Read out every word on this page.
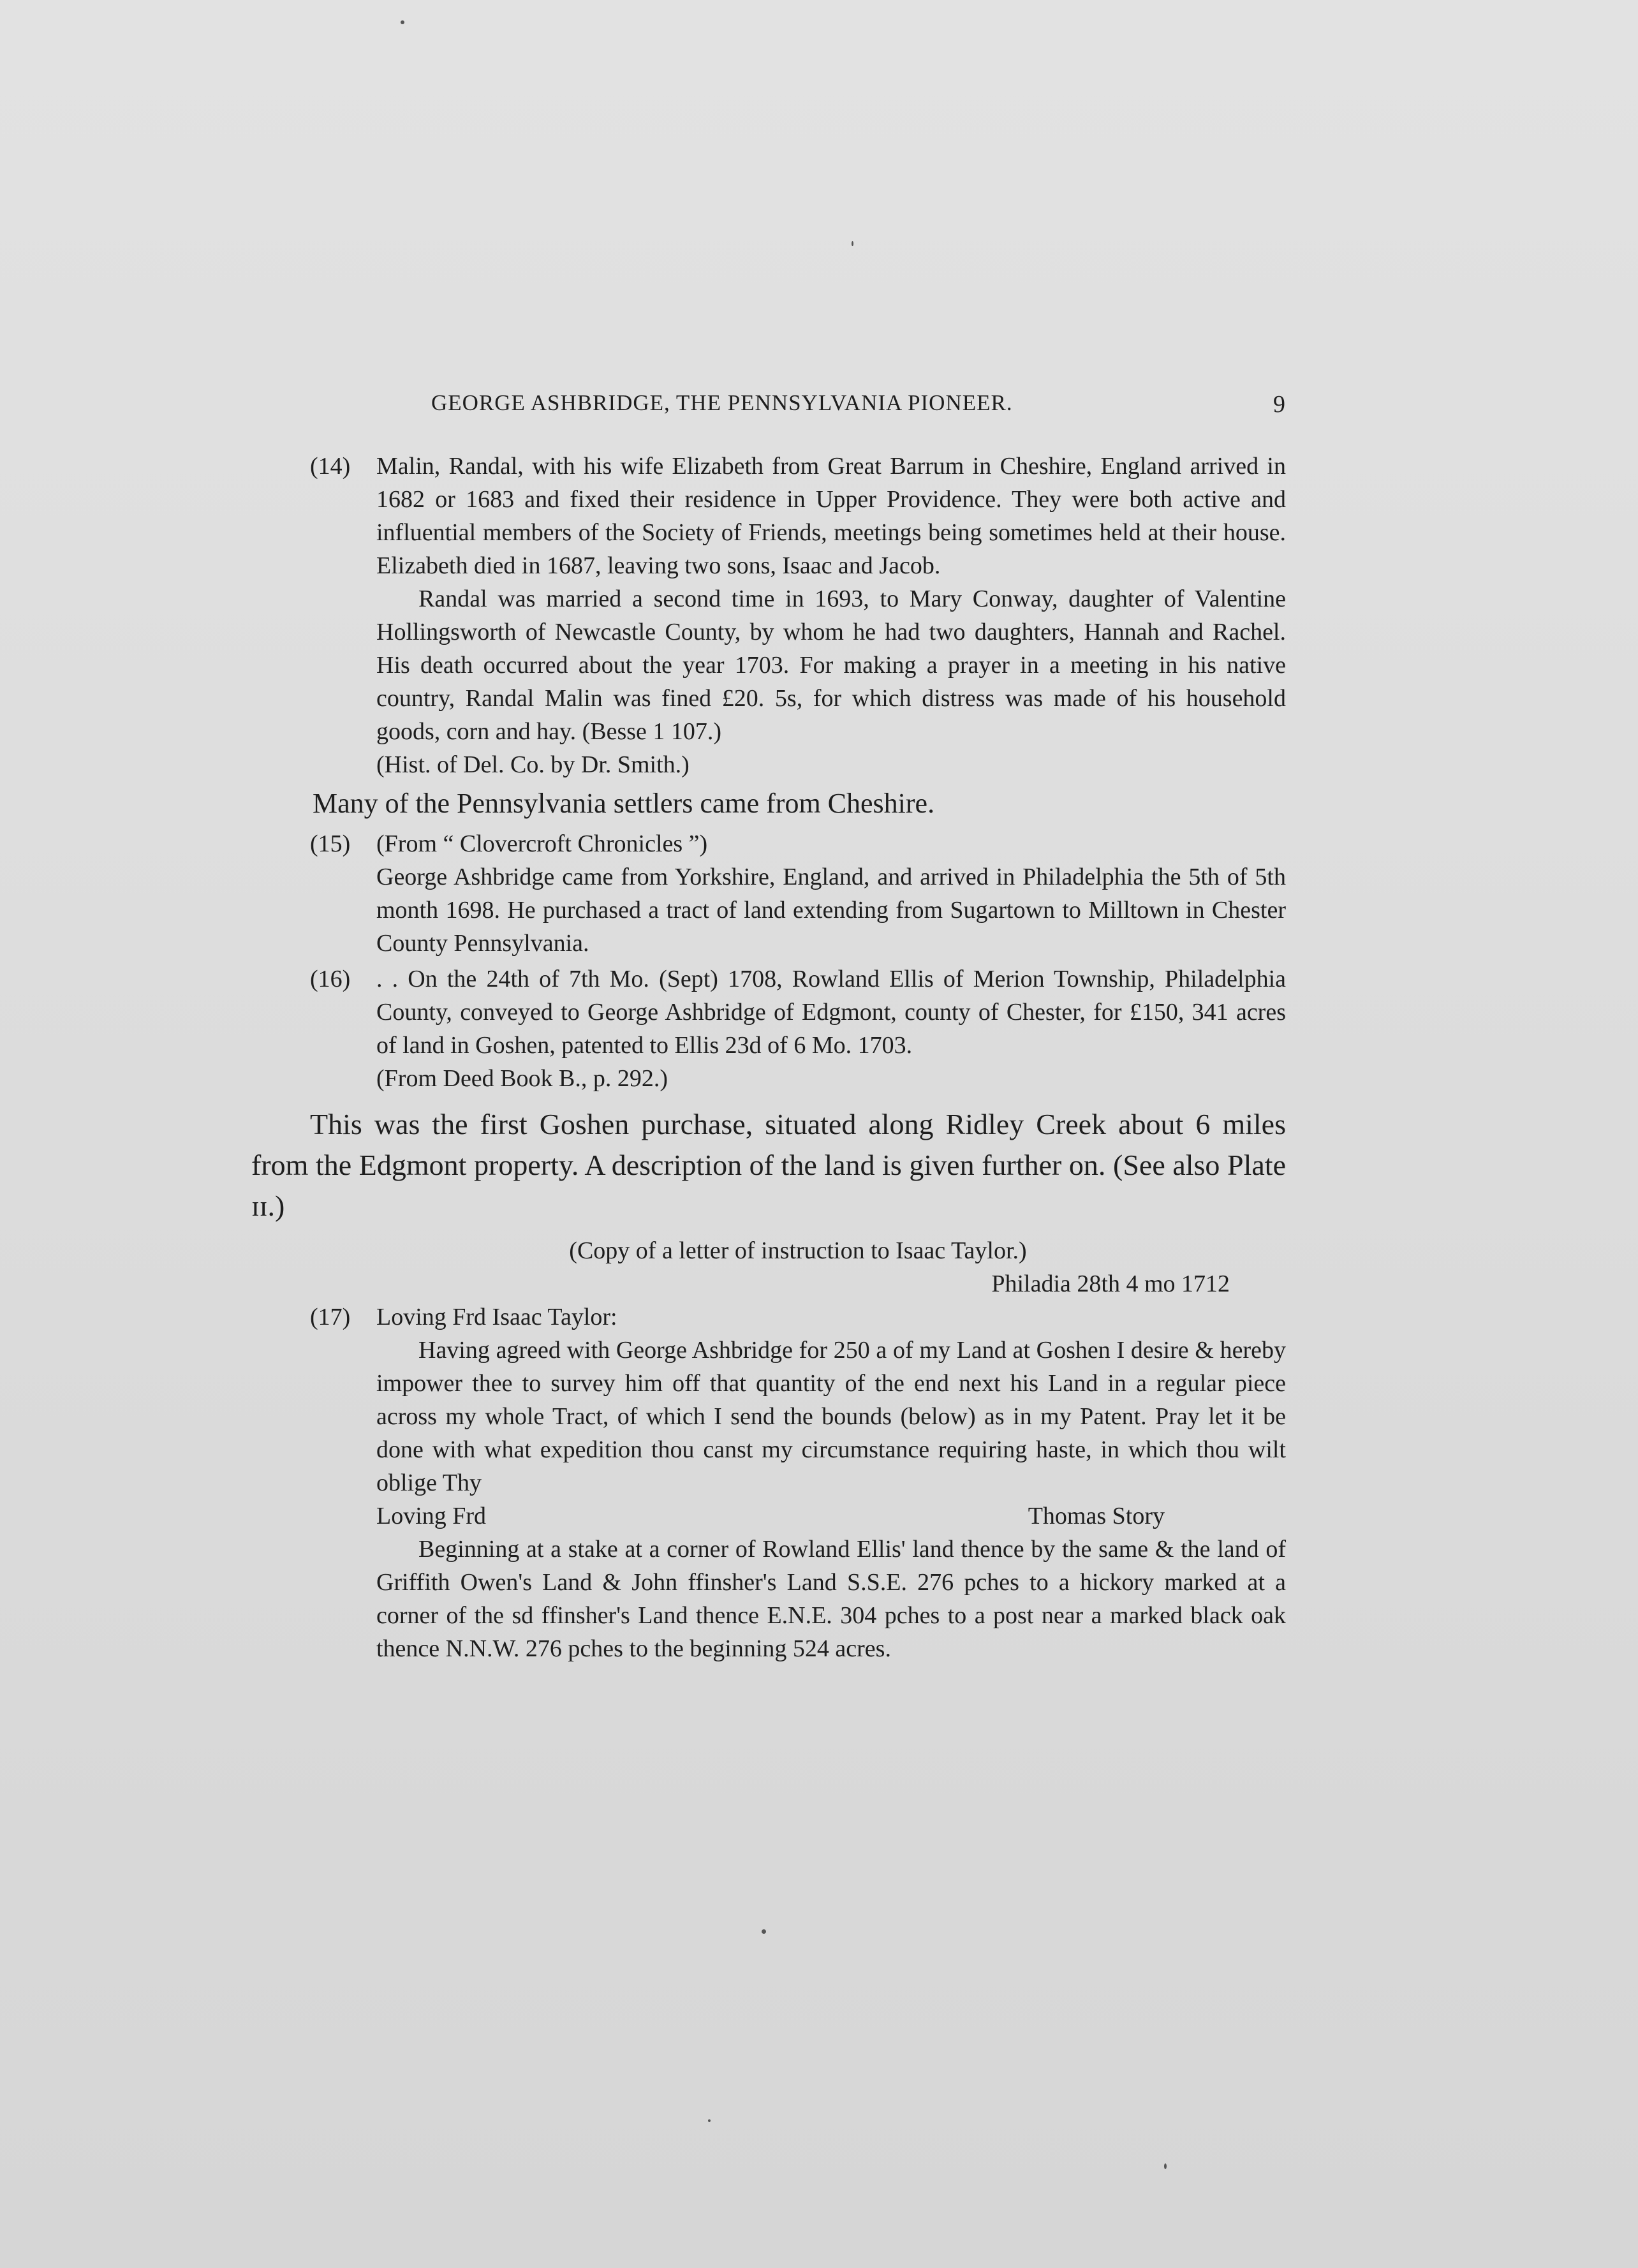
GEORGE ASHBRIDGE, THE PENNSYLVANIA PIONEER.	9
(14) Malin, Randal, with his wife Elizabeth from Great Barrum in Cheshire, England arrived in 1682 or 1683 and fixed their residence in Upper Providence. They were both active and influential members of the Society of Friends, meetings being sometimes held at their house. Elizabeth died in 1687, leaving two sons, Isaac and Jacob.

Randal was married a second time in 1693, to Mary Conway, daughter of Valentine Hollingsworth of Newcastle County, by whom he had two daughters, Hannah and Rachel. His death occurred about the year 1703. For making a prayer in a meeting in his native country, Randal Malin was fined £20. 5s, for which distress was made of his household goods, corn and hay. (Besse 1 107.)

(Hist. of Del. Co. by Dr. Smith.)

Many of the Pennsylvania settlers came from Cheshire.

(15) (From “ Clovercroft Chronicles ”)

George Ashbridge came from Yorkshire, England, and arrived in Philadelphia the 5th of 5th month 1698. He purchased a tract of land extending from Sugartown to Milltown in Chester County Pennsylvania.

(16) . . On the 24th of 7th Mo. (Sept) 1708, Rowland Ellis of Merion Township, Philadelphia County, conveyed to George Ashbridge of Edgmont, county of Chester, for £150, 341 acres of land in Goshen, patented to Ellis 23d of 6 Mo. 1703.

(From Deed Book B., p. 292.)

This was the first Goshen purchase, situated along Ridley Creek about 6 miles from the Edgmont property. A description of the land is given further on. (See also Plate ɪɪ.)

(Copy of a letter of instruction to Isaac Taylor.)

Philadia 28th 4 mo 1712

(17) Loving Frd Isaac Taylor:

Having agreed with George Ashbridge for 250 a of my Land at Goshen I desire & hereby impower thee to survey him off that quantity of the end next his Land in a regular piece across my whole Tract, of which I send the bounds (below) as in my Patent. Pray let it be done with what expedition thou canst my circumstance requiring haste, in which thou wilt oblige Thy

Loving Frd	Thomas Story

Beginning at a stake at a corner of Rowland Ellis' land thence by the same & the land of Griffith Owen's Land & John ffinsher's Land S.S.E. 276 pches to a hickory marked at a corner of the sd ffinsher's Land thence E.N.E. 304 pches to a post near a marked black oak thence N.N.W. 276 pches to the beginning 524 acres.
